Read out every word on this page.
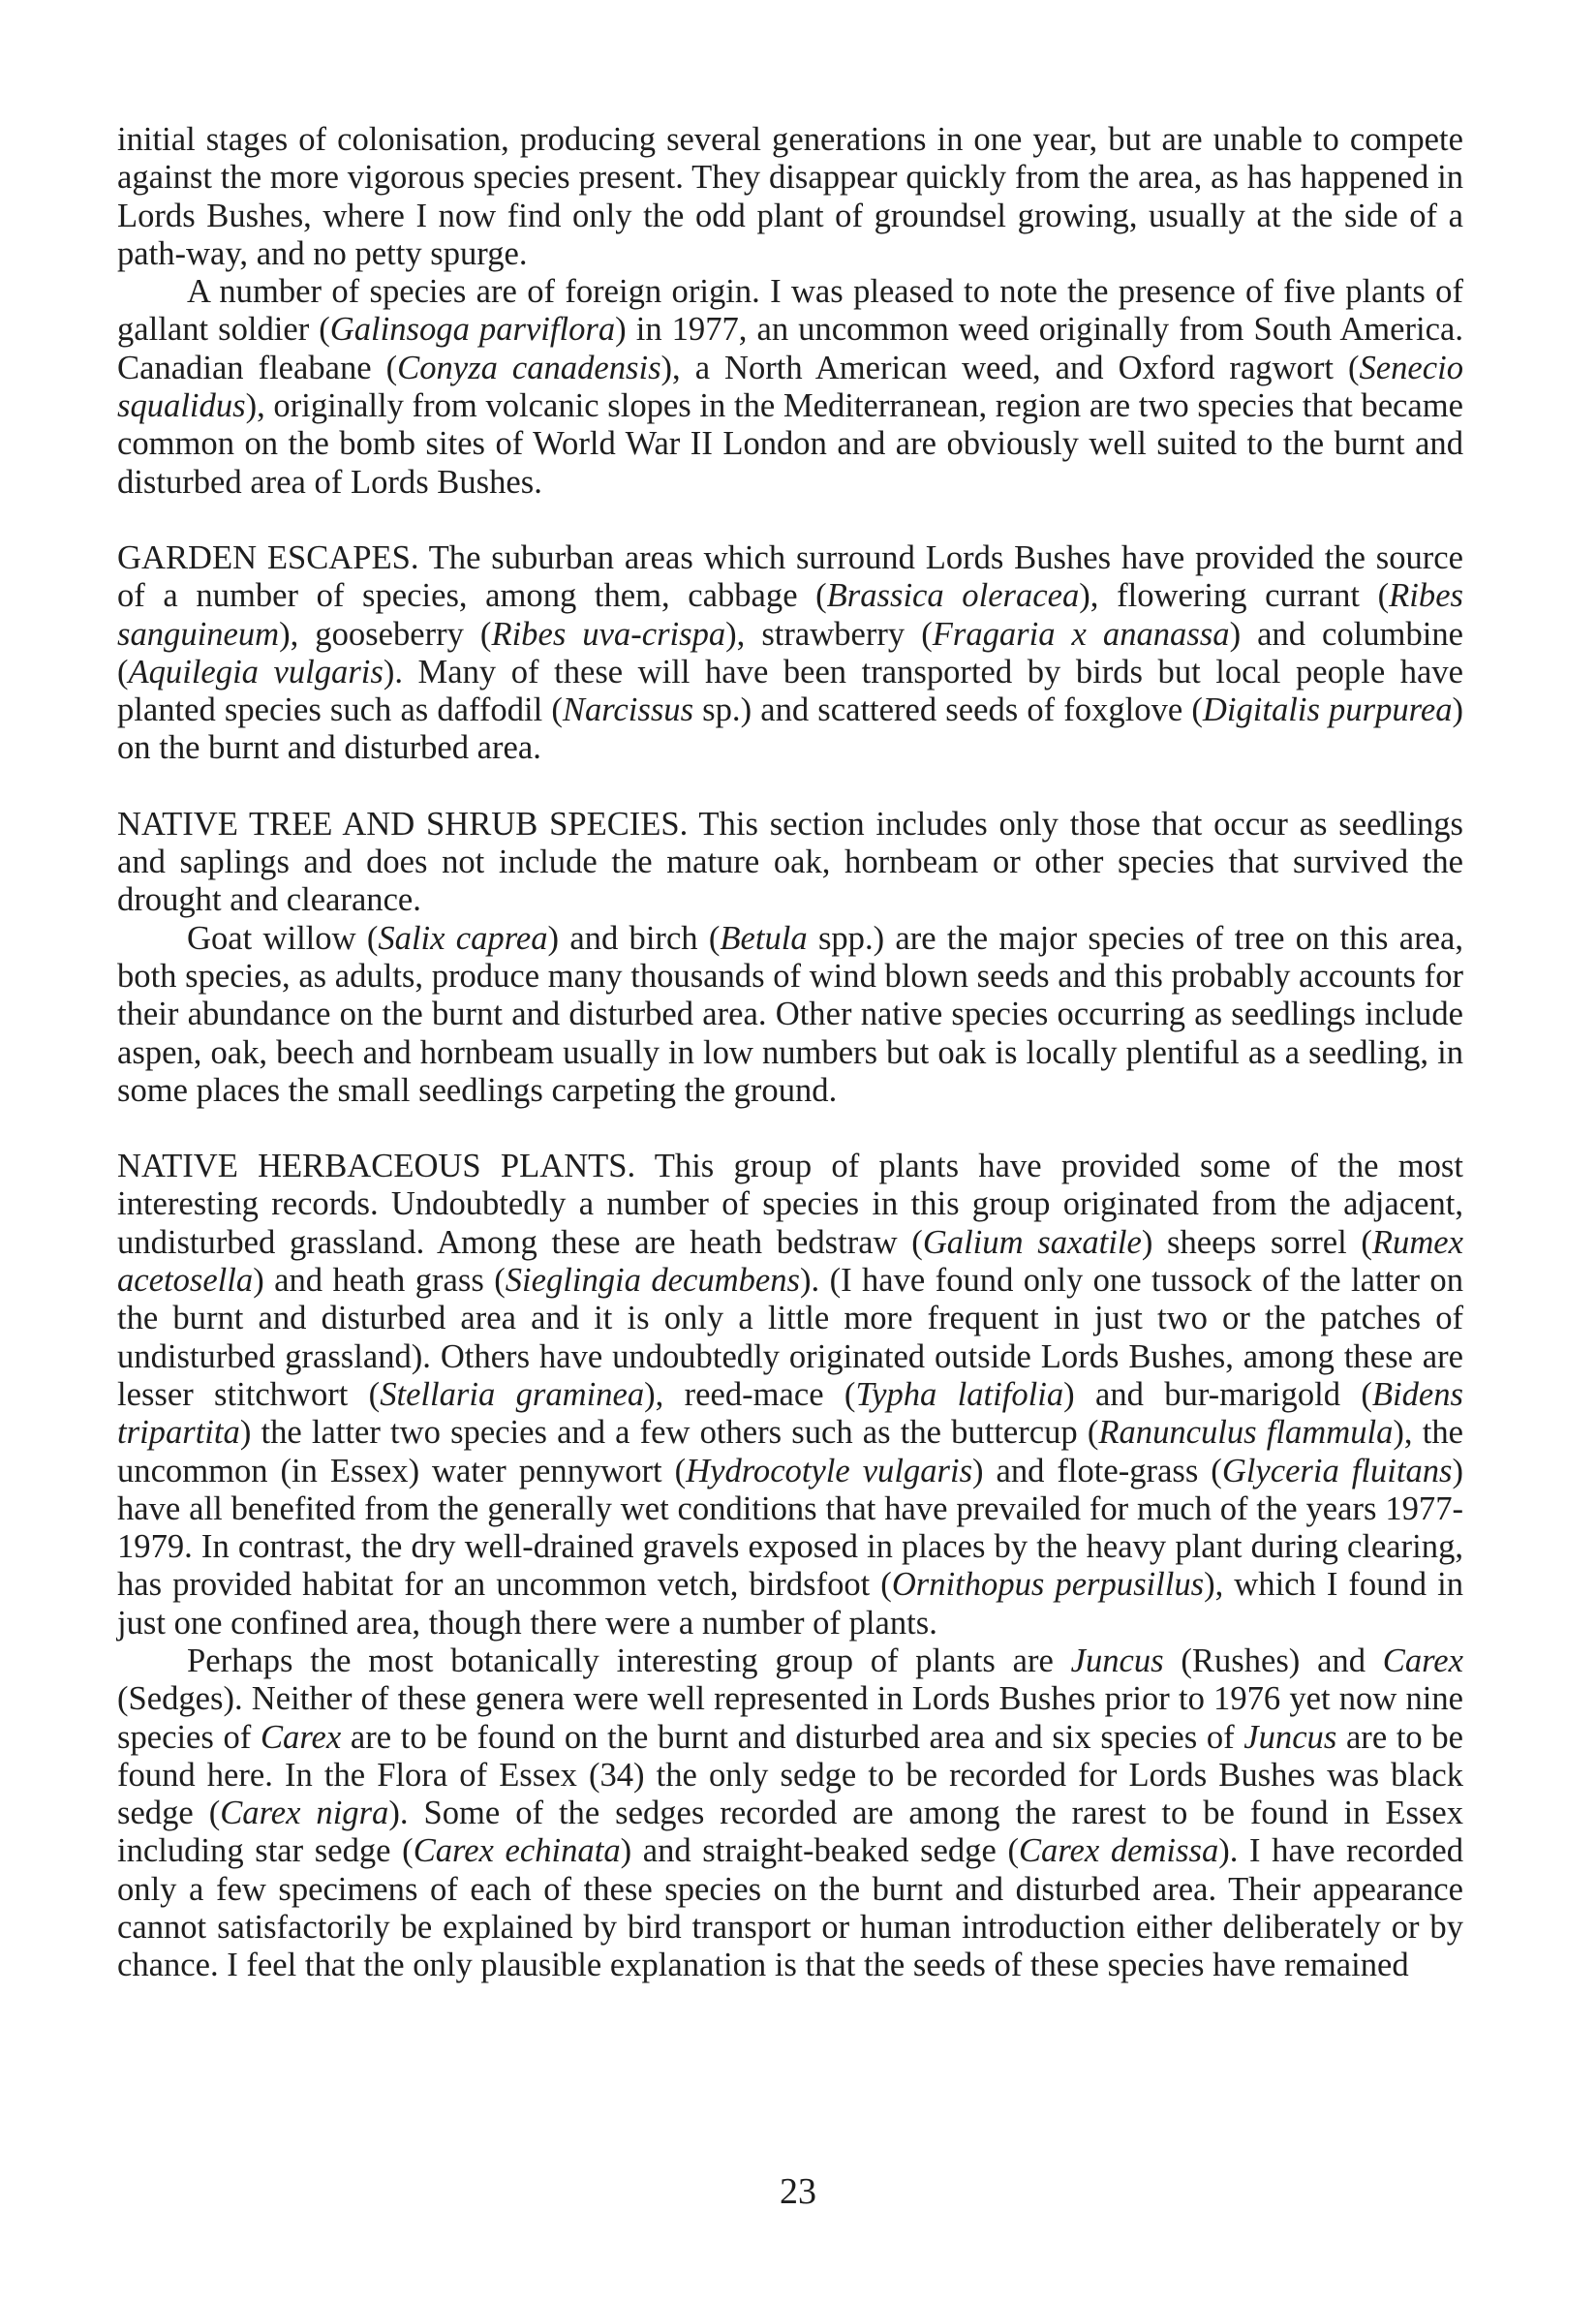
initial stages of colonisation, producing several generations in one year, but are unable to compete against the more vigorous species present. They disappear quickly from the area, as has happened in Lords Bushes, where I now find only the odd plant of groundsel growing, usually at the side of a path-way, and no petty spurge.

A number of species are of foreign origin. I was pleased to note the presence of five plants of gallant soldier (Galinsoga parviflora) in 1977, an uncommon weed originally from South America. Canadian fleabane (Conyza canadensis), a North American weed, and Oxford ragwort (Senecio squalidus), originally from volcanic slopes in the Mediterranean, region are two species that became common on the bomb sites of World War II London and are obviously well suited to the burnt and disturbed area of Lords Bushes.

GARDEN ESCAPES. The suburban areas which surround Lords Bushes have provided the source of a number of species, among them, cabbage (Brassica oleracea), flowering currant (Ribes sanguineum), gooseberry (Ribes uva-crispa), strawberry (Fragaria x ananassa) and columbine (Aquilegia vulgaris). Many of these will have been transported by birds but local people have planted species such as daffodil (Narcissus sp.) and scattered seeds of foxglove (Digitalis purpurea) on the burnt and disturbed area.

NATIVE TREE AND SHRUB SPECIES. This section includes only those that occur as seedlings and saplings and does not include the mature oak, hornbeam or other species that survived the drought and clearance.

Goat willow (Salix caprea) and birch (Betula spp.) are the major species of tree on this area, both species, as adults, produce many thousands of wind blown seeds and this probably accounts for their abundance on the burnt and disturbed area. Other native species occurring as seedlings include aspen, oak, beech and hornbeam usually in low numbers but oak is locally plentiful as a seedling, in some places the small seedlings carpeting the ground.

NATIVE HERBACEOUS PLANTS. This group of plants have provided some of the most interesting records. Undoubtedly a number of species in this group originated from the adjacent, undisturbed grassland. Among these are heath bedstraw (Galium saxatile) sheeps sorrel (Rumex acetosella) and heath grass (Sieglingia decumbens). (I have found only one tussock of the latter on the burnt and disturbed area and it is only a little more frequent in just two or the patches of undisturbed grassland). Others have undoubtedly originated outside Lords Bushes, among these are lesser stitchwort (Stellaria graminea), reed-mace (Typha latifolia) and bur-marigold (Bidens tripartita) the latter two species and a few others such as the buttercup (Ranunculus flammula), the uncommon (in Essex) water pennywort (Hydrocotyle vulgaris) and flote-grass (Glyceria fluitans) have all benefited from the generally wet conditions that have prevailed for much of the years 1977-1979. In contrast, the dry well-drained gravels exposed in places by the heavy plant during clearing, has provided habitat for an uncommon vetch, birdsfoot (Ornithopus perpusillus), which I found in just one confined area, though there were a number of plants.

Perhaps the most botanically interesting group of plants are Juncus (Rushes) and Carex (Sedges). Neither of these genera were well represented in Lords Bushes prior to 1976 yet now nine species of Carex are to be found on the burnt and disturbed area and six species of Juncus are to be found here. In the Flora of Essex (34) the only sedge to be recorded for Lords Bushes was black sedge (Carex nigra). Some of the sedges recorded are among the rarest to be found in Essex including star sedge (Carex echinata) and straight-beaked sedge (Carex demissa). I have recorded only a few specimens of each of these species on the burnt and disturbed area. Their appearance cannot satisfactorily be explained by bird transport or human introduction either deliberately or by chance. I feel that the only plausible explanation is that the seeds of these species have remained

23
